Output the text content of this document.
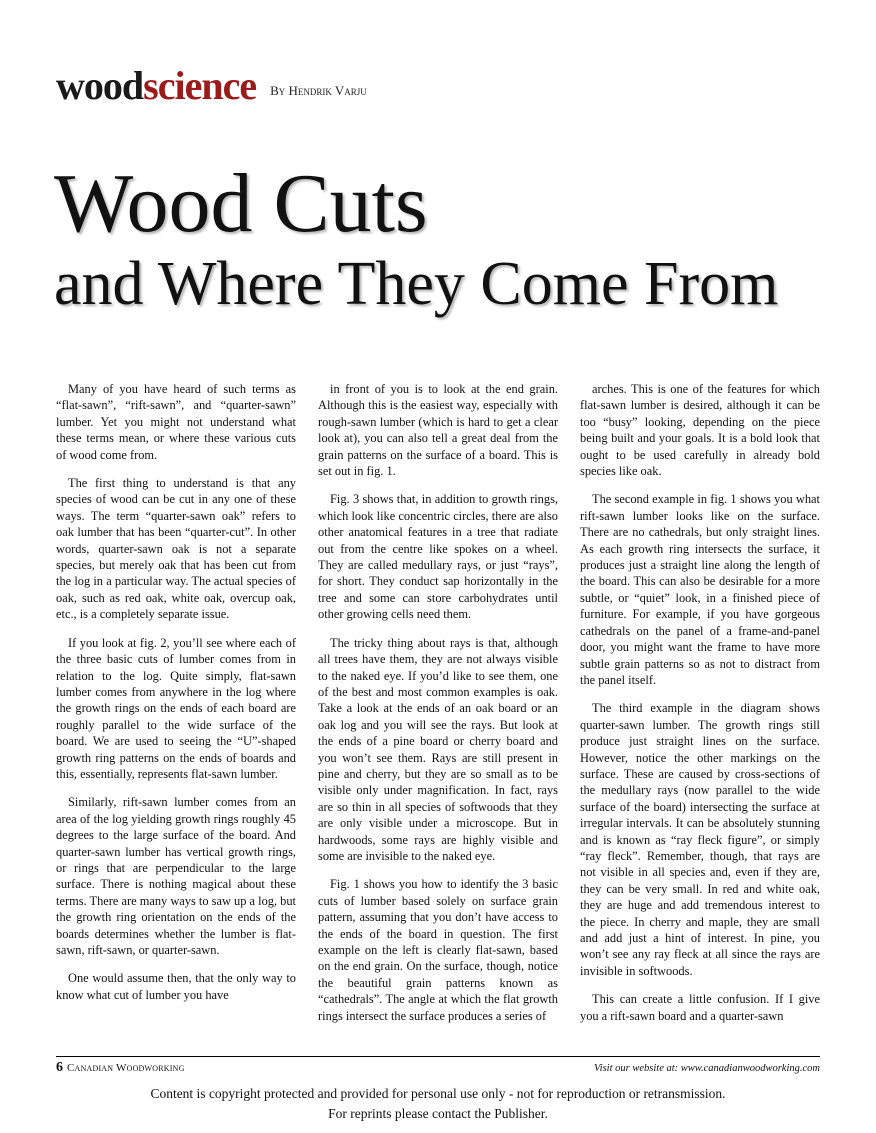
wood science By Hendrik Varju
Wood Cuts
and Where They Come From

Many of you have heard of such terms as “flat-sawn”, “rift-sawn”, and “quarter-sawn” lumber. Yet you might not understand what these terms mean, or where these various cuts of wood come from.

The first thing to understand is that any species of wood can be cut in any one of these ways. The term “quarter-sawn oak” refers to oak lumber that has been “quarter-cut”. In other words, quarter-sawn oak is not a separate species, but merely oak that has been cut from the log in a particular way. The actual species of oak, such as red oak, white oak, overcup oak, etc., is a completely separate issue.

If you look at fig. 2, you’ll see where each of the three basic cuts of lumber comes from in relation to the log. Quite simply, flat-sawn lumber comes from anywhere in the log where the growth rings on the ends of each board are roughly parallel to the wide surface of the board. We are used to seeing the “U”-shaped growth ring patterns on the ends of boards and this, essentially, represents flat-sawn lumber.

Similarly, rift-sawn lumber comes from an area of the log yielding growth rings roughly 45 degrees to the large surface of the board. And quarter-sawn lumber has vertical growth rings, or rings that are perpendicular to the large surface. There is nothing magical about these terms. There are many ways to saw up a log, but the growth ring orientation on the ends of the boards determines whether the lumber is flat-sawn, rift-sawn, or quarter-sawn.

One would assume then, that the only way to know what cut of lumber you have

in front of you is to look at the end grain. Although this is the easiest way, especially with rough-sawn lumber (which is hard to get a clear look at), you can also tell a great deal from the grain patterns on the surface of a board. This is set out in fig. 1.

Fig. 3 shows that, in addition to growth rings, which look like concentric circles, there are also other anatomical features in a tree that radiate out from the centre like spokes on a wheel. They are called medullary rays, or just “rays”, for short. They conduct sap horizontally in the tree and some can store carbohydrates until other growing cells need them.

The tricky thing about rays is that, although all trees have them, they are not always visible to the naked eye. If you’d like to see them, one of the best and most common examples is oak. Take a look at the ends of an oak board or an oak log and you will see the rays. But look at the ends of a pine board or cherry board and you won’t see them. Rays are still present in pine and cherry, but they are so small as to be visible only under magnification. In fact, rays are so thin in all species of softwoods that they are only visible under a microscope. But in hardwoods, some rays are highly visible and some are invisible to the naked eye.

Fig. 1 shows you how to identify the 3 basic cuts of lumber based solely on surface grain pattern, assuming that you don’t have access to the ends of the board in question. The first example on the left is clearly flat-sawn, based on the end grain. On the surface, though, notice the beautiful grain patterns known as “cathedrals”. The angle at which the flat growth rings intersect the surface produces a series of

arches. This is one of the features for which flat-sawn lumber is desired, although it can be too “busy” looking, depending on the piece being built and your goals. It is a bold look that ought to be used carefully in already bold species like oak.

The second example in fig. 1 shows you what rift-sawn lumber looks like on the surface. There are no cathedrals, but only straight lines. As each growth ring intersects the surface, it produces just a straight line along the length of the board. This can also be desirable for a more subtle, or “quiet” look, in a finished piece of furniture. For example, if you have gorgeous cathedrals on the panel of a frame-and-panel door, you might want the frame to have more subtle grain patterns so as not to distract from the panel itself.

The third example in the diagram shows quarter-sawn lumber. The growth rings still produce just straight lines on the surface. However, notice the other markings on the surface. These are caused by cross-sections of the medullary rays (now parallel to the wide surface of the board) intersecting the surface at irregular intervals. It can be absolutely stunning and is known as “ray fleck figure”, or simply “ray fleck”. Remember, though, that rays are not visible in all species and, even if they are, they can be very small. In red and white oak, they are huge and add tremendous interest to the piece. In cherry and maple, they are small and add just a hint of interest. In pine, you won’t see any ray fleck at all since the rays are invisible in softwoods.

This can create a little confusion. If I give you a rift-sawn board and a quarter-sawn

6 Canadian Woodworking	Visit our website at: www.canadianwoodworking.com
Content is copyright protected and provided for personal use only - not for reproduction or retransmission.
For reprints please contact the Publisher.
